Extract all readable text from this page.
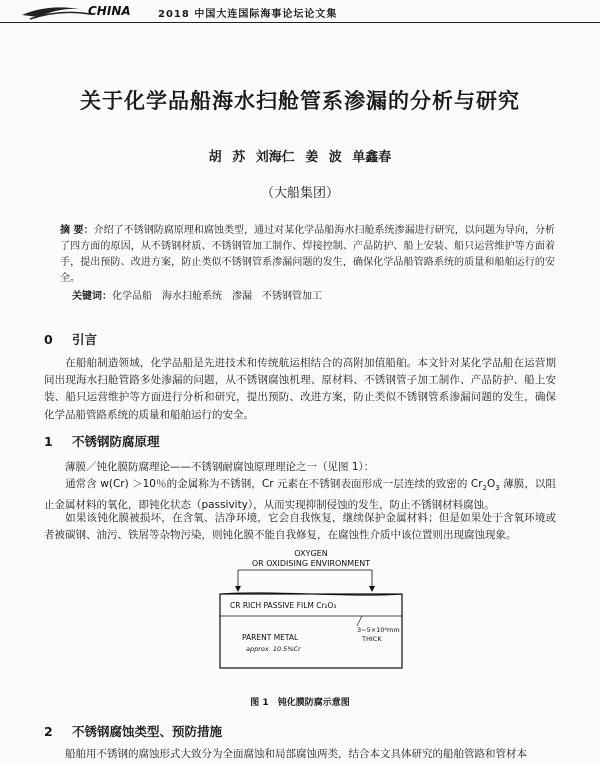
CHINA	2018 中国大连国际海事论坛论文集
关于化学品船海水扫舱管系渗漏的分析与研究
胡 苏 刘海仁 姜 波 单鑫春
（大船集团）
摘 要：介绍了不锈钢防腐原理和腐蚀类型，通过对某化学品船海水扫舱系统渗漏进行研究，以问题为导向，分析了四方面的原因，从不锈钢材质、不锈钢管加工制作、焊接控制、产品防护、船上安装、船只运营维护等方面着手，提出预防、改进方案，防止类似不锈钢管系渗漏问题的发生，确保化学品船管路系统的质量和船舶运行的安全。
关键词：化学品船　海水扫舱系统　渗漏　不锈钢管加工
0 引言
在船舶制造领域，化学品船是先进技术和传统航运相结合的高附加值船舶。本文针对某化学品船在运营期间出现海水扫舱管路多处渗漏的问题，从不锈钢腐蚀机理、原材料、不锈钢管子加工制作、产品防护、船上安装、船只运营维护等方面进行分析和研究，提出预防、改进方案，防止类似不锈钢管系渗漏问题的发生，确保化学品船管路系统的质量和船舶运行的安全。
1 不锈钢防腐原理
薄膜／钝化膜防腐理论——不锈钢耐腐蚀原理理论之一（见图 1）：
通常含 w(Cr) ＞10％的金属称为不锈钢，Cr 元素在不锈钢表面形成一层连续的致密的 $Cr_2O_3$ 薄膜，以阻止金属材料的氧化，即钝化状态（passivity），从而实现抑制侵蚀的发生，防止不锈钢材料腐蚀。
如果该钝化膜被损坏，在含氧、洁净环境，它会自我恢复，继续保护金属材料；但是如果处于含氧环境或者被碳钢、油污、铁屑等杂物污染，则钝化膜不能自我修复，在腐蚀性介质中该位置则出现腐蚀现象。
OXYGEN
OR OXIDISING ENVIRONMENT
CR RICH PASSIVE FILM Cr₂O₃
PARENT METAL
approx. 10.5%Cr
3~5×10⁶mm
THICK
图 1　钝化膜防腐示意图
2 不锈钢腐蚀类型、预防措施
船舶用不锈钢的腐蚀形式大致分为全面腐蚀和局部腐蚀两类，结合本文具体研究的船舶管路和管材本
